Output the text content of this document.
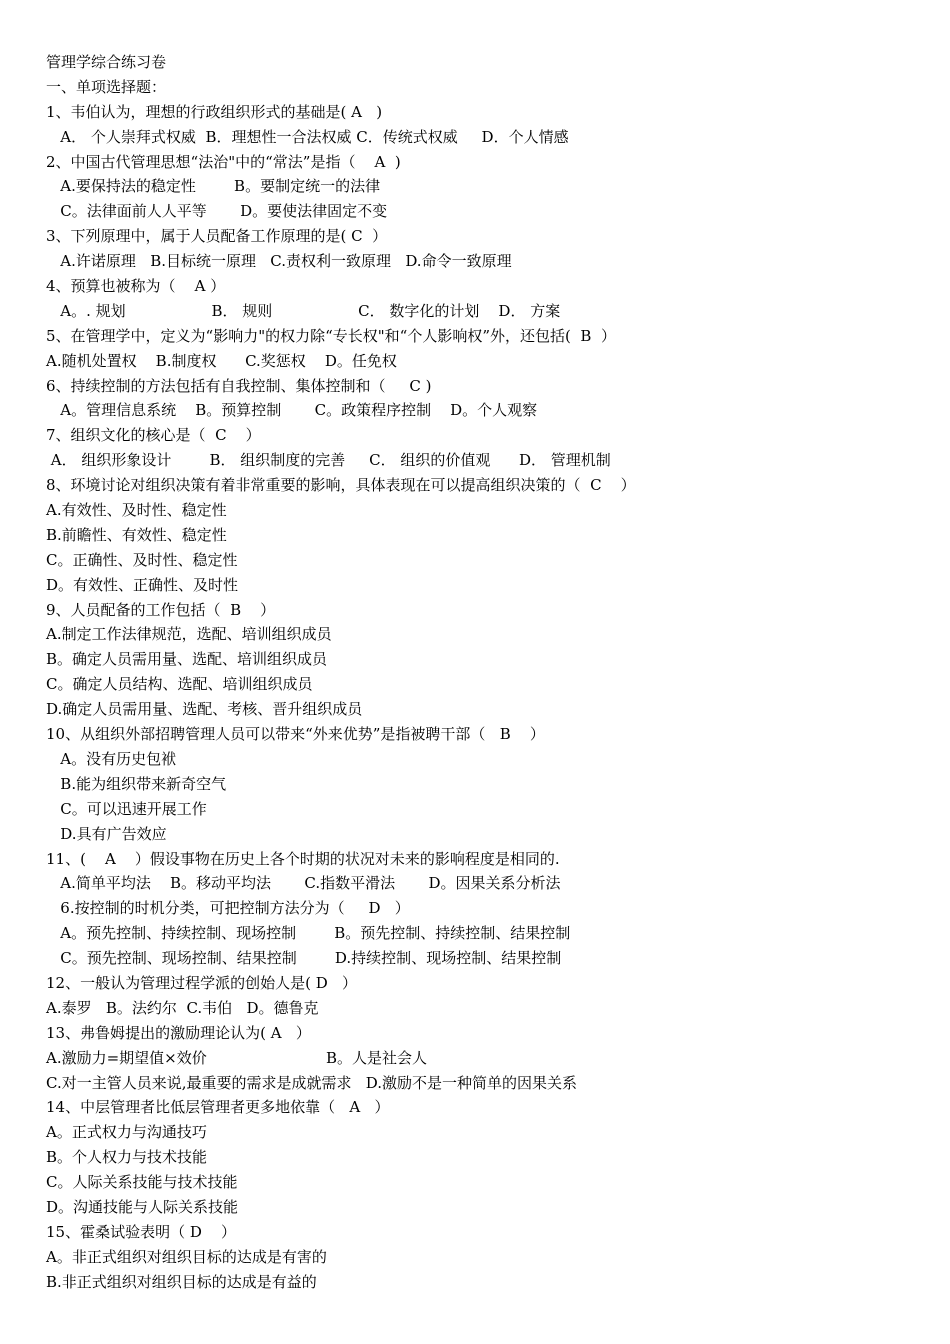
管理学综合练习卷
一、单项选择题：
1、韦伯认为，理想的行政组织形式的基础是( A   )
A． 个人崇拜式权威  B．理想性一合法权威 C．传统式权威     D．个人情感
2、中国古代管理思想“法治"中的“常法”是指（    A  )
A.要保持法的稳定性        B。要制定统一的法律
C。法律面前人人平等       D。要使法律固定不变
3、下列原理中，属于人员配备工作原理的是( C  ）
A.许诺原理   B.目标统一原理   C.责权利一致原理   D.命令一致原理
4、预算也被称为（    A ）
A。. 规划                  B． 规则                  C． 数字化的计划    D． 方案
5、在管理学中，定义为“影响力"的权力除“专长权"和“个人影响权”外，还包括(  B  ）
A.随机处置权    B.制度权      C.奖惩权    D。任免权
6、持续控制的方法包括有自我控制、集体控制和（     C )
A。管理信息系统    B。预算控制       C。政策程序控制    D。个人观察
7、组织文化的核心是（  C    ）
A． 组织形象设计        B． 组织制度的完善     C． 组织的价值观      D． 管理机制
8、环境讨论对组织决策有着非常重要的影响，具体表现在可以提高组织决策的（  C    ）
A.有效性、及时性、稳定性
B.前瞻性、有效性、稳定性
C。正确性、及时性、稳定性
D。有效性、正确性、及时性
9、人员配备的工作包括（  B    ）
A.制定工作法律规范，选配、培训组织成员
B。确定人员需用量、选配、培训组织成员
C。确定人员结构、选配、培训组织成员
D.确定人员需用量、选配、考核、晋升组织成员
10、从组织外部招聘管理人员可以带来“外来优势”是指被聘干部（   B    ）
A。没有历史包袱
B.能为组织带来新奇空气
C。可以迅速开展工作
D.具有广告效应
11、(    A    ）假设事物在历史上各个时期的状况对未来的影响程度是相同的.
A.简单平均法    B。移动平均法       C.指数平滑法       D。因果关系分析法
6.按控制的时机分类，可把控制方法分为（     D   ）
A。预先控制、持续控制、现场控制        B。预先控制、持续控制、结果控制
C。预先控制、现场控制、结果控制        D.持续控制、现场控制、结果控制
12、一般认为管理过程学派的创始人是( D   ）
A.泰罗   B。法约尔  C.韦伯   D。德鲁克
13、弗鲁姆提出的激励理论认为( A   ）
A.激励力=期望值×效价                         B。人是社会人
C.对一主管人员来说,最重要的需求是成就需求   D.激励不是一种简单的因果关系
14、中层管理者比低层管理者更多地依靠（   A   ）
A。正式权力与沟通技巧
B。个人权力与技术技能
C。人际关系技能与技术技能
D。沟通技能与人际关系技能
15、霍桑试验表明（ D    ）
A。非正式组织对组织目标的达成是有害的
B.非正式组织对组织目标的达成是有益的
